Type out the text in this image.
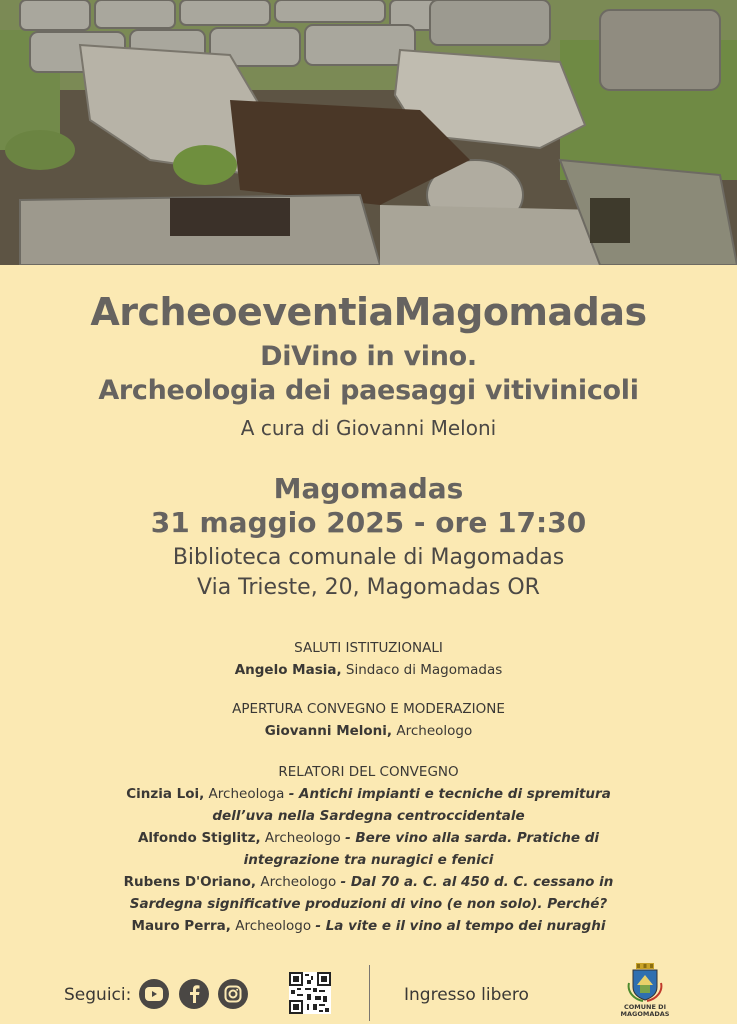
ArcheoeventiaMagomadas
DiVino in vino.
Archeologia dei paesaggi vitivinicoli
A cura di Giovanni Meloni
Magomadas
31 maggio 2025 - ore 17:30
Biblioteca comunale di Magomadas
Via Trieste, 20, Magomadas OR
SALUTI ISTITUZIONALI
Angelo Masia, Sindaco di Magomadas
APERTURA CONVEGNO E MODERAZIONE
Giovanni Meloni, Archeologo
RELATORI DEL CONVEGNO
Cinzia Loi, Archeologa - Antichi impianti e tecniche di spremitura
dell’uva nella Sardegna centroccidentale
Alfondo Stiglitz, Archeologo - Bere vino alla sarda. Pratiche di
integrazione tra nuragici e fenici
Rubens D'Oriano, Archeologo - Dal 70 a. C. al 450 d. C. cessano in
Sardegna significative produzioni di vino (e non solo). Perché?
Mauro Perra, Archeologo - La vite e il vino al tempo dei nuraghi
Seguici:	Ingresso libero
COMUNE DI
MAGOMADAS
